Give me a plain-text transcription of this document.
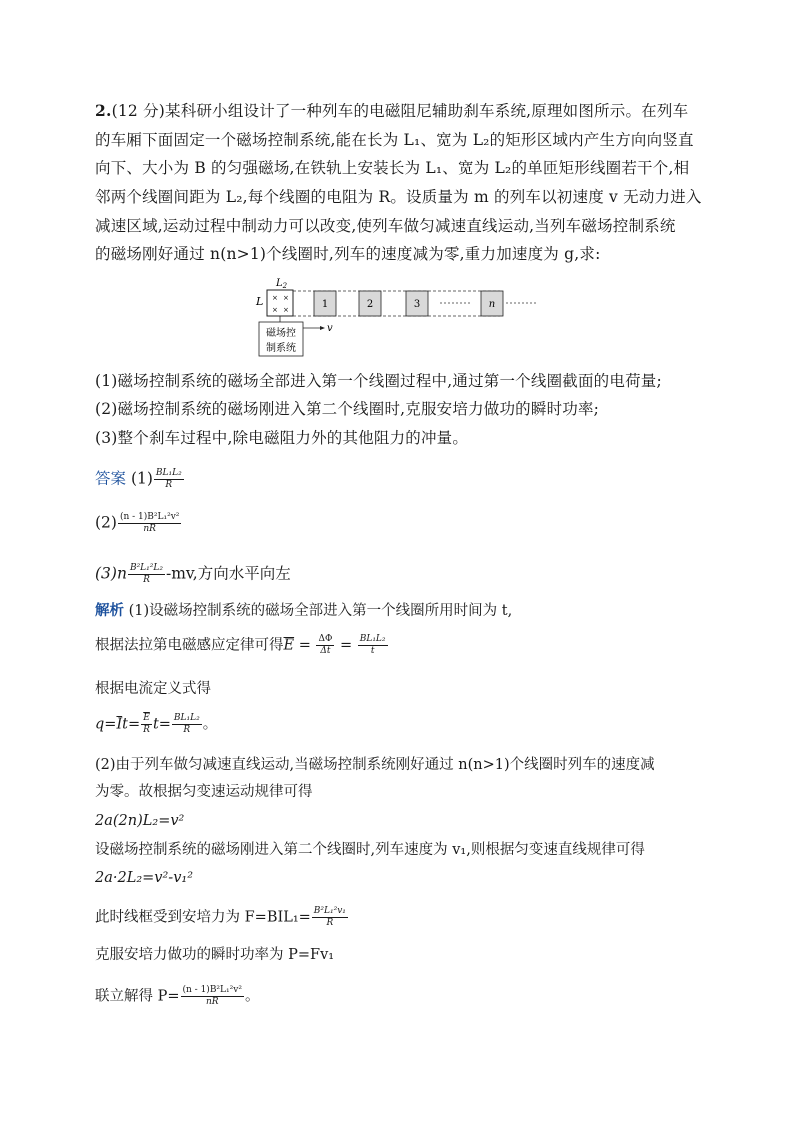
2.(12 分)某科研小组设计了一种列车的电磁阻尼辅助刹车系统,原理如图所示。在列车
的车厢下面固定一个磁场控制系统,能在长为 L₁、宽为 L₂的矩形区域内产生方向向竖直
向下、大小为 B 的匀强磁场,在铁轨上安装长为 L₁、宽为 L₂的单匝矩形线圈若干个,相
邻两个线圈间距为 L₂,每个线圈的电阻为 R。设质量为 m 的列车以初速度 v 无动力进入
减速区域,运动过程中制动力可以改变,使列车做匀减速直线运动,当列车磁场控制系统
的磁场刚好通过 n(n>1)个线圈时,列车的速度减为零,重力加速度为 g,求:
$L_2$
L × ×
× ×	1	2	3	n
磁场控
制系统
v
(1)磁场控制系统的磁场全部进入第一个线圈过程中,通过第一个线圈截面的电荷量;
(2)磁场控制系统的磁场刚进入第二个线圈时,克服安培力做功的瞬时功率;
(3)整个刹车过程中,除电磁阻力外的其他阻力的冲量。
答案 $(1) \frac{\text{BL₁L₂}}{R}$
$(2) \frac{\text{(n - 1)B²L₁²v²}}{nR}$
$(3)n \frac{\text{B²L₁²L₂}}{R} -mv$,方向水平向左
解析 (1)设磁场控制系统的磁场全部进入第一个线圈所用时间为 t,
根据法拉第电磁感应定律可得$\overline{E} = \frac{\Delta\Phi}{\Delta t} = \frac{\text{BL₁L₂}}{t}$
根据电流定义式得
$q=\overline{I}t= \frac{\overline{E}}{R} t= \frac{\text{BL₁L₂}}{R}$ 。
(2)由于列车做匀减速直线运动,当磁场控制系统刚好通过 n(n>1)个线圈时列车的速度减
为零。故根据匀变速运动规律可得
2a(2n)L₂=v²
设磁场控制系统的磁场刚进入第二个线圈时,列车速度为 v₁,则根据匀变速直线规律可得
2a·2L₂=v²-v₁²
此时线框受到安培力为 $F=BIL_1= \frac{\text{B²L₁²v₁}}{R}$
克服安培力做功的瞬时功率为 P=Fv₁
联立解得 $P= \frac{\text{(n - 1)B²L₁²v²}}{nR}$ 。
